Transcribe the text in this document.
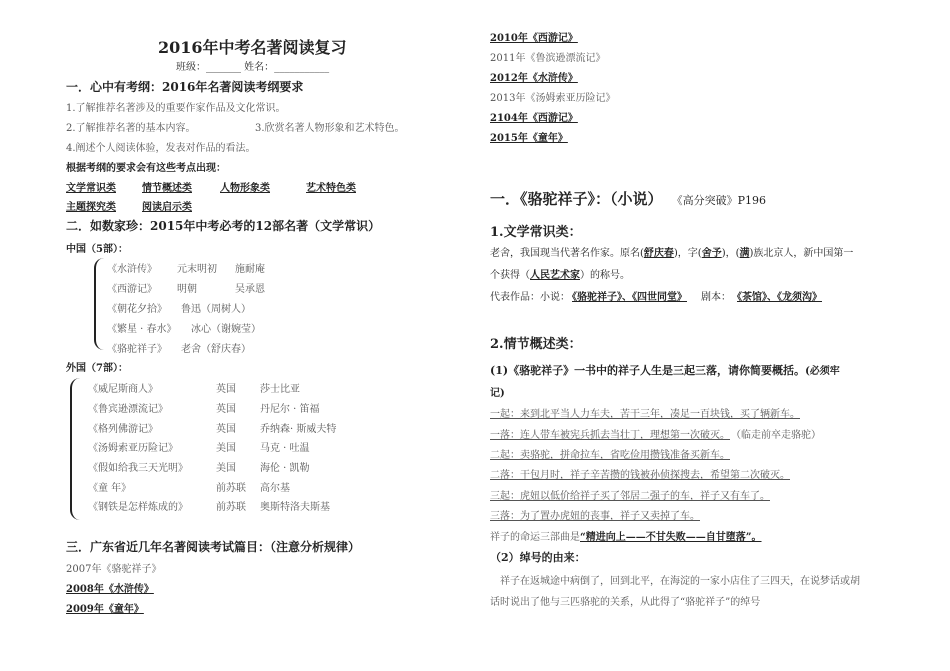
2016年中考名著阅读复习
班级：_______ 姓名：___________
一．心中有考纲：2016年名著阅读考纲要求
1.了解推荐名著涉及的重要作家作品及文化常识。
2.了解推荐名著的基本内容。	3.欣赏名著人物形象和艺术特色。
4.阐述个人阅读体验，发表对作品的看法。
根据考纲的要求会有这些考点出现：
文学常识类	情节概述类	人物形象类	艺术特色类
主题探究类	阅读启示类
二．如数家珍：2015年中考必考的12部名著（文学常识）
中国（5部）：
《水浒传》 元末明初 施耐庵
《西游记》 明朝	吴承恩
《朝花夕拾》 鲁迅（周树人）
《繁星 · 春水》 冰心（谢婉莹）
《骆驼祥子》 老舍（舒庆春）
外国（7部）：
《威尼斯商人》	英国 莎士比亚
《鲁宾逊漂流记》	英国 丹尼尔 · 笛福
《格列佛游记》	英国 乔纳森· 斯威夫特
《汤姆索亚历险记》	美国 马克 · 吐温
《假如给我三天光明》	美国 海伦 · 凯勒
《童 年》	前苏联 高尔基
《钢铁是怎样炼成的》	前苏联 奥斯特洛夫斯基
三．广东省近几年名著阅读考试篇目：（注意分析规律）
2007年《骆驼祥子》
2008年《水浒传》
2009年《童年》
2010年《西游记》
2011年《鲁滨逊漂流记》
2012年《水浒传》
2013年《汤姆索亚历险记》
2104年《西游记》
2015年《童年》
一．《骆驼祥子》：（小说） 《高分突破》P196
1.文学常识类：
老舍，我国现当代著名作家。原名(舒庆春)，字(舍予)，(满)族北京人，新中国第一
个获得（人民艺术家）的称号。
代表作品：小说： 《骆驼祥子》、《四世同堂》 剧本： 《茶馆》、《龙须沟》
2.情节概述类：
(1)《骆驼祥子》一书中的祥子人生是三起三落，请你简要概括。(必须牢
记)
一起：来到北平当人力车夫，苦干三年，凑足一百块钱，买了辆新车。
一落：连人带车被宪兵抓去当壮丁，理想第一次破灭。 （临走前卒走骆驼）
二起：卖骆驼，拼命拉车，省吃俭用攒钱准备买新车。
二落：干包月时，祥子辛苦攒的钱被孙侦探搜去，希望第二次破灭。
三起：虎妞以低价给祥子买了邻居二强子的车，祥子又有车了。
三落：为了置办虎妞的丧事，祥子又卖掉了车。
祥子的命运三部曲是“精进向上——不甘失败——自甘堕落”。
（2）绰号的由来：
祥子在返城途中病倒了，回到北平，在海淀的一家小店住了三四天，在说梦话或胡
话时说出了他与三匹骆驼的关系，从此得了“骆驼祥子”的绰号
